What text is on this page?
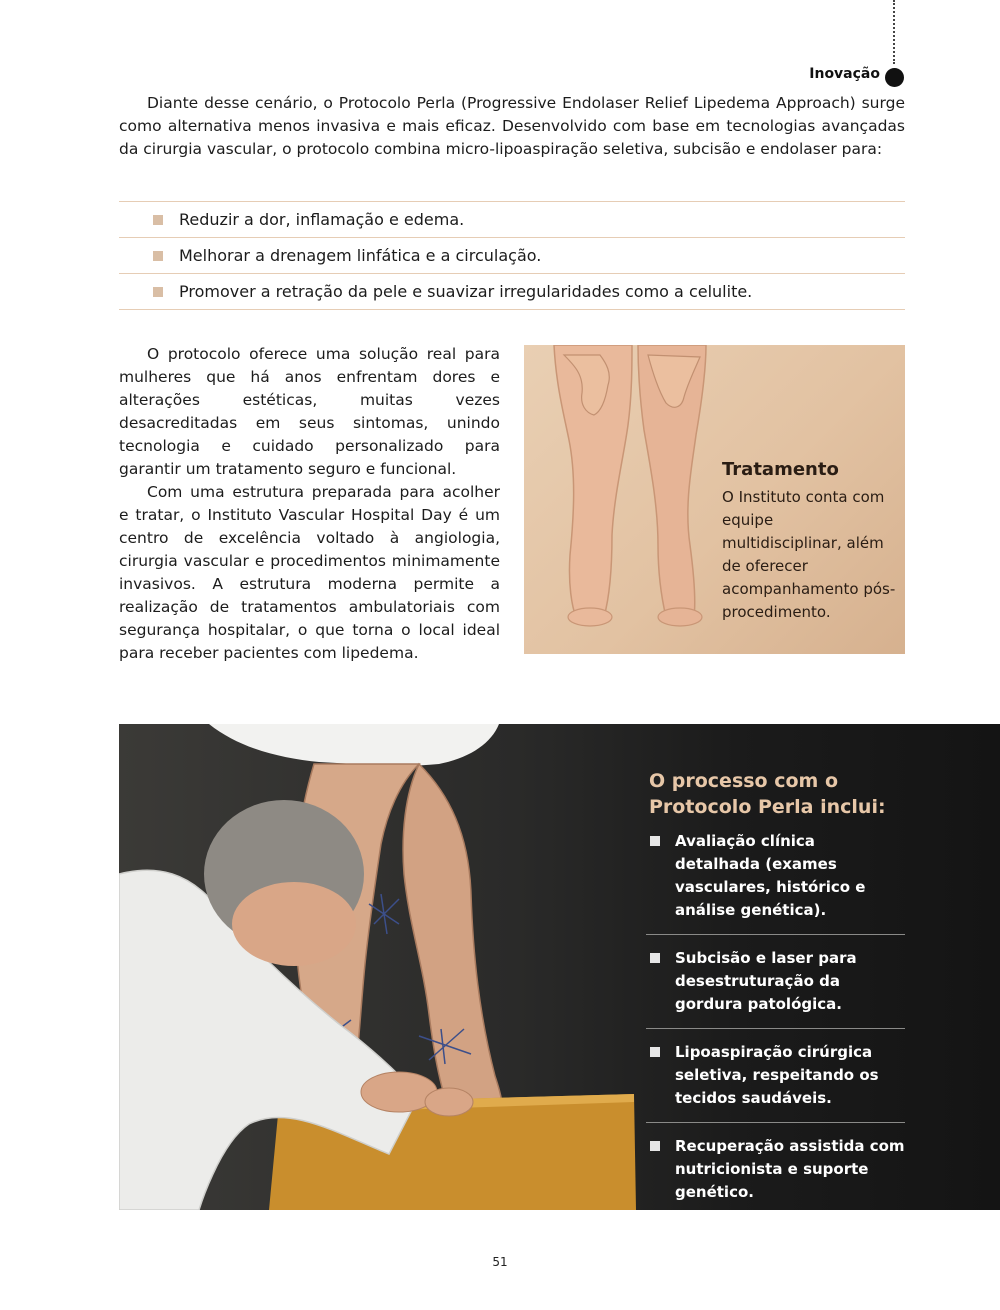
Inovação

Diante desse cenário, o Protocolo Perla (Progressive Endolaser Relief Lipedema Approach) surge como alternativa menos invasiva e mais eficaz. Desenvolvido com base em tecnologias avançadas da cirurgia vascular, o protocolo combina micro-lipoaspiração seletiva, subcisão e endolaser para:

Reduzir a dor, inflamação e edema.
Melhorar a drenagem linfática e a circulação.
Promover a retração da pele e suavizar irregularidades como a celulite.

O protocolo oferece uma solução real para mulheres que há anos enfrentam dores e alterações estéticas, muitas vezes desacreditadas em seus sintomas, unindo tecnologia e cuidado personalizado para garantir um tratamento seguro e funcional.

Com uma estrutura preparada para acolher e tratar, o Instituto Vascular Hospital Day é um centro de excelência voltado à angiologia, cirurgia vascular e procedimentos minimamente invasivos. A estrutura moderna permite a realização de tratamentos ambulatoriais com segurança hospitalar, o que torna o local ideal para receber pacientes com lipedema.

Tratamento
O Instituto conta com equipe multidisciplinar, além de oferecer acompanhamento pós-procedimento.
O processo com o Protocolo Perla inclui:
Avaliação clínica detalhada (exames vasculares, histórico e análise genética).
Subcisão e laser para desestruturação da gordura patológica.
Lipoaspiração cirúrgica seletiva, respeitando os tecidos saudáveis.
Recuperação assistida com nutricionista e suporte genético.
51
